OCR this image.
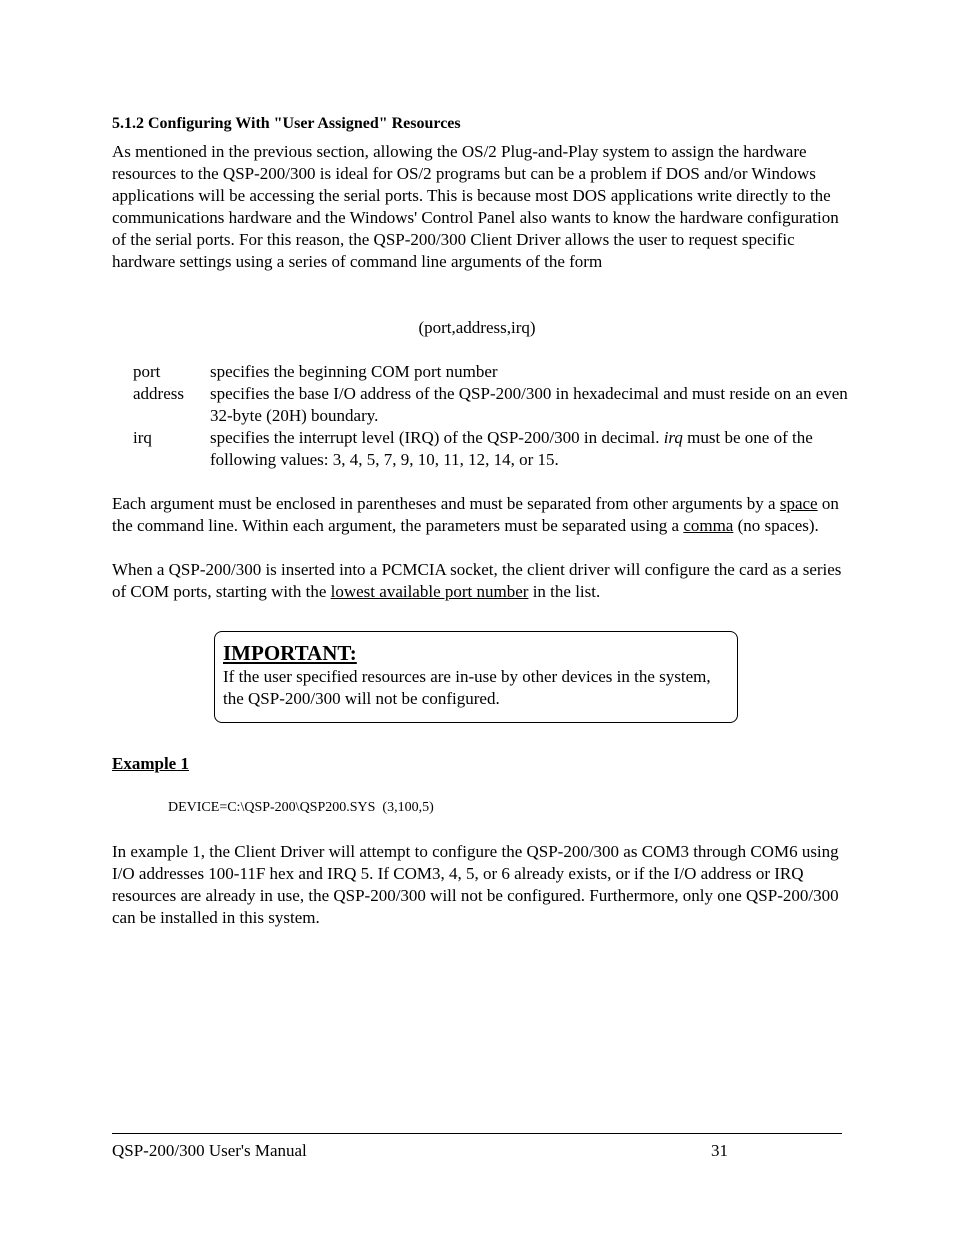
5.1.2 Configuring With "User Assigned" Resources
As mentioned in the previous section, allowing the OS/2 Plug-and-Play system to assign the hardware resources to the QSP-200/300 is ideal for OS/2 programs but can be a problem if DOS and/or Windows applications will be accessing the serial ports. This is because most DOS applications write directly to the communications hardware and the Windows' Control Panel also wants to know the hardware configuration of the serial ports. For this reason, the QSP-200/300 Client Driver allows the user to request specific hardware settings using a series of command line arguments of the form
(port,address,irq)
port	specifies the beginning COM port number
address	specifies the base I/O address of the QSP-200/300 in hexadecimal and must reside on an even 32-byte (20H) boundary.
irq	specifies the interrupt level (IRQ) of the QSP-200/300 in decimal. irq must be one of the following values: 3, 4, 5, 7, 9, 10, 11, 12, 14, or 15.
Each argument must be enclosed in parentheses and must be separated from other arguments by a space on the command line. Within each argument, the parameters must be separated using a comma (no spaces).
When a QSP-200/300 is inserted into a PCMCIA socket, the client driver will configure the card as a series of COM ports, starting with the lowest available port number in the list.
IMPORTANT:
If the user specified resources are in-use by other devices in the system, the QSP-200/300 will not be configured.
Example 1
DEVICE=C:\QSP-200\QSP200.SYS  (3,100,5)
In example 1, the Client Driver will attempt to configure the QSP-200/300 as COM3 through COM6 using I/O addresses 100-11F hex and IRQ 5. If COM3, 4, 5, or 6 already exists, or if the I/O address or IRQ resources are already in use, the QSP-200/300 will not be configured. Furthermore, only one QSP-200/300 can be installed in this system.
QSP-200/300 User's Manual	31
